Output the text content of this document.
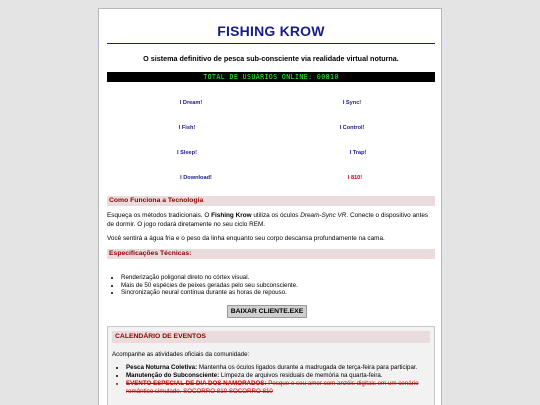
FISHING KROW
O sistema definitivo de pesca sub-consciente via realidade virtual noturna.
TOTAL DE USUÁRIOS ONLINE: 00810
I Dream!	I Sync!
I Fish!	I Control!
I Sleep!	I Trap!
I Download!	I 810!
Como Funciona a Tecnologia
Esqueça os métodos tradicionais. O Fishing Krow utiliza os óculos Dream-Sync VR. Conecte o dispositivo antes de dormir. O jogo rodará diretamente no seu ciclo REM.
Você sentirá a água fria e o peso da linha enquanto seu corpo descansa profundamente na cama.
Especificações Técnicas:
• Renderização poligonal direto no córtex visual.
• Mais de 50 espécies de peixes geradas pelo seu subconsciente.
• Sincronização neural contínua durante as horas de repouso.
BAIXAR CLIENTE.EXE
CALENDÁRIO DE EVENTOS
Acompanhe as atividades oficiais da comunidade:
• Pesca Noturna Coletiva: Mantenha os óculos ligados durante a madrugada de terça-feira para participar.
• Manutenção do Subconsciente: Limpeza de arquivos residuais de memória na quarta-feira.
• EVENTO ESPECIAL DE DIA DOS NAMORADOS: Pesque o seu amor com anzóis digitais em um cenário romântico simulado. SOCORRO 810 SOCORRO 810
